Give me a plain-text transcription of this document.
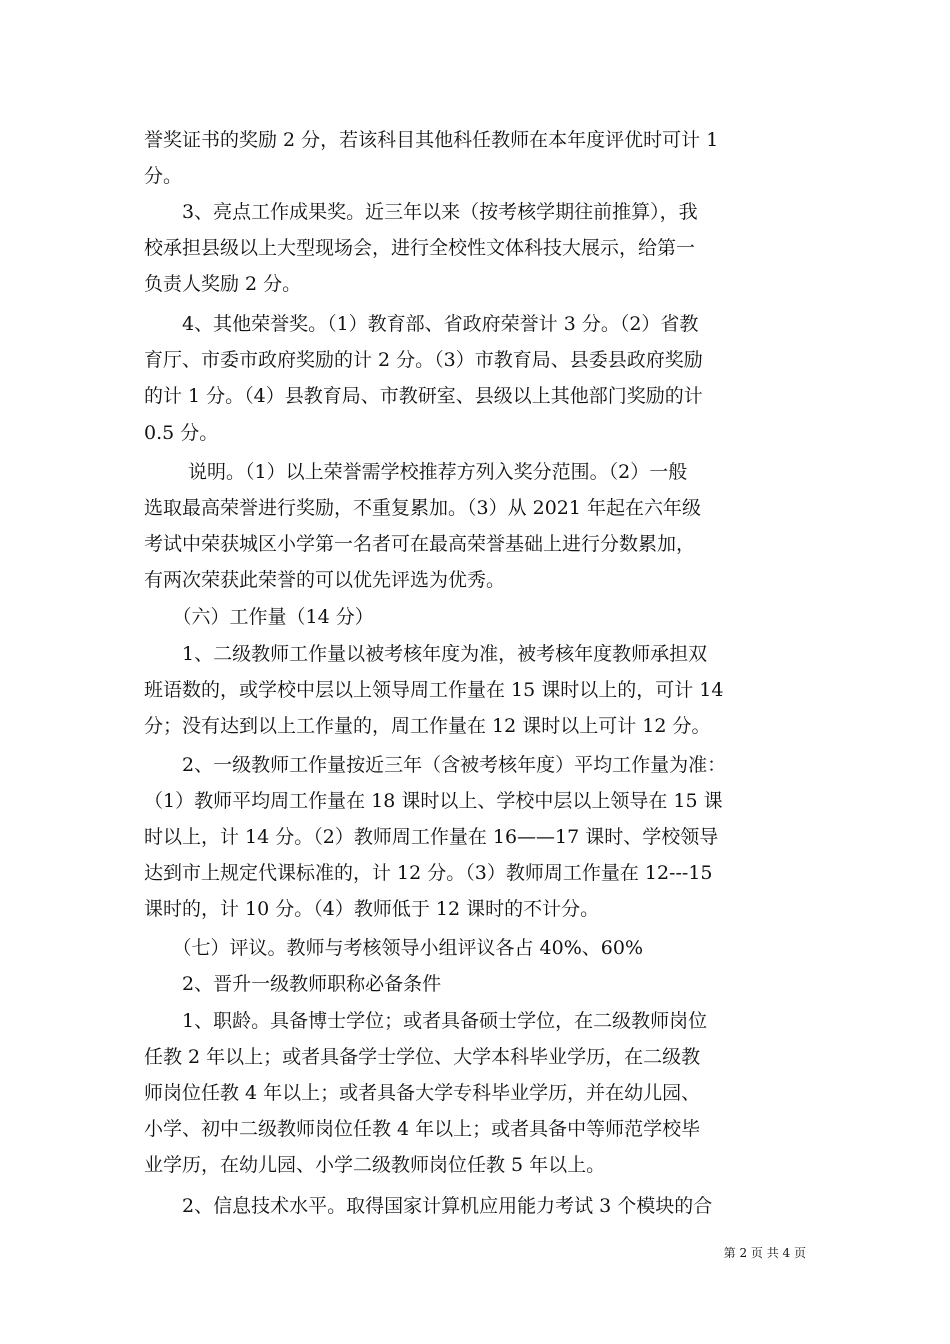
誉奖证书的奖励 2 分，若该科目其他科任教师在本年度评优时可计 1
分。
　　3、亮点工作成果奖。近三年以来（按考核学期往前推算），我
校承担县级以上大型现场会，进行全校性文体科技大展示，给第一
负责人奖励 2 分。
　　4、其他荣誉奖。（1）教育部、省政府荣誉计 3 分。（2）省教
育厅、市委市政府奖励的计 2 分。（3）市教育局、县委县政府奖励
的计 1 分。（4）县教育局、市教研室、县级以上其他部门奖励的计
0.5 分。
　　 说明。（1）以上荣誉需学校推荐方列入奖分范围。（2）一般
选取最高荣誉进行奖励，不重复累加。（3）从 2021 年起在六年级
考试中荣获城区小学第一名者可在最高荣誉基础上进行分数累加，
有两次荣获此荣誉的可以优先评选为优秀。
　　（六）工作量（14 分）
　　1、二级教师工作量以被考核年度为准，被考核年度教师承担双
班语数的，或学校中层以上领导周工作量在 15 课时以上的，可计 14
分；没有达到以上工作量的，周工作量在 12 课时以上可计 12 分。
　　2、一级教师工作量按近三年（含被考核年度）平均工作量为准：
（1）教师平均周工作量在 18 课时以上、学校中层以上领导在 15 课
时以上，计 14 分。（2）教师周工作量在 16——17 课时、学校领导
达到市上规定代课标准的，计 12 分。（3）教师周工作量在 12---15
课时的，计 10 分。（4）教师低于 12 课时的不计分。
　　（七）评议。教师与考核领导小组评议各占 40%、60%
　　2、晋升一级教师职称必备条件
　　1、职龄。具备博士学位；或者具备硕士学位，在二级教师岗位
任教 2 年以上；或者具备学士学位、大学本科毕业学历，在二级教
师岗位任教 4 年以上；或者具备大学专科毕业学历，并在幼儿园、
小学、初中二级教师岗位任教 4 年以上；或者具备中等师范学校毕
业学历，在幼儿园、小学二级教师岗位任教 5 年以上。
　　2、信息技术水平。取得国家计算机应用能力考试 3 个模块的合
第 2 页 共 4 页
